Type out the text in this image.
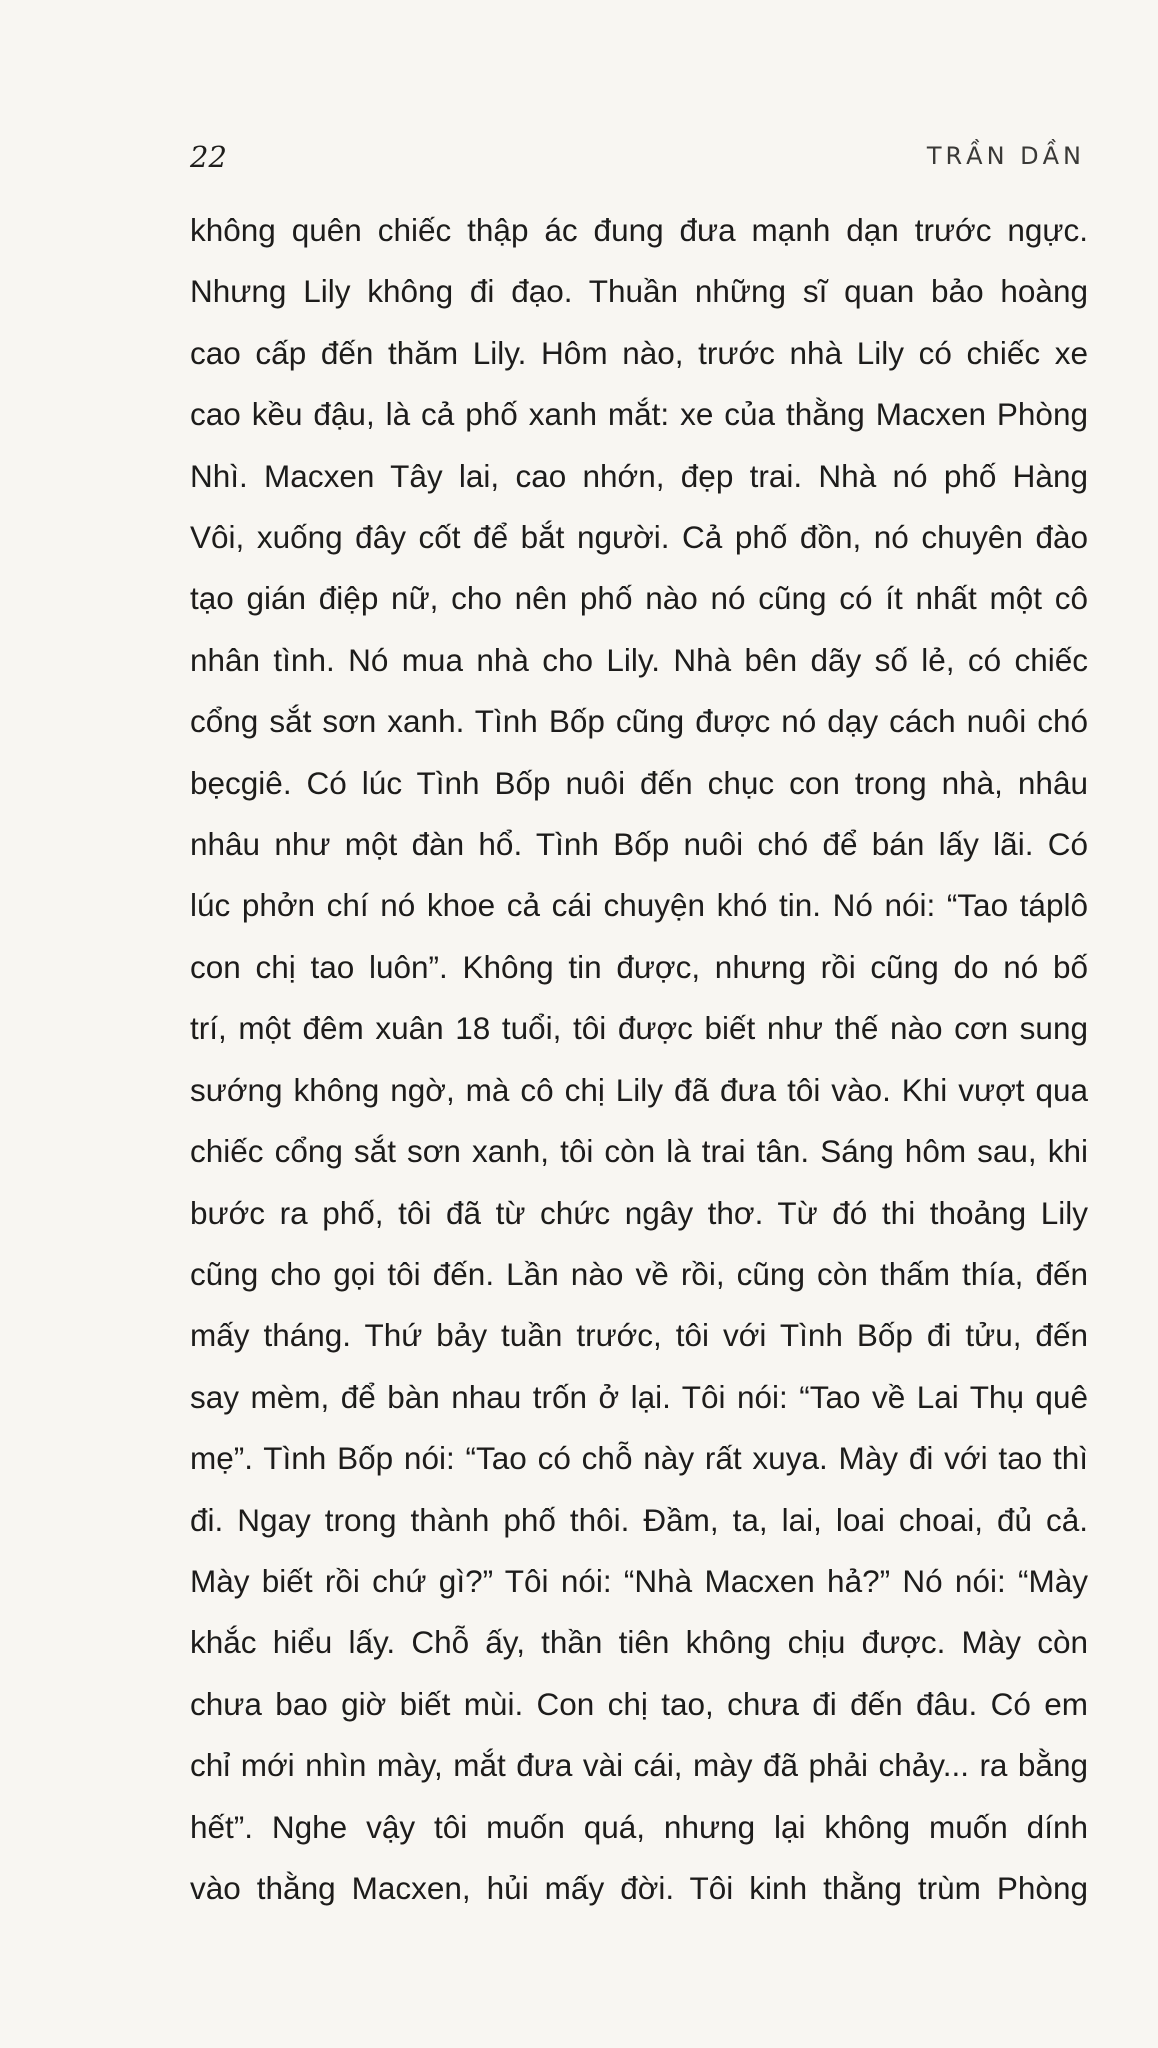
22	TRẦN DẦN
không quên chiếc thập ác đung đưa mạnh dạn trước ngực.
Nhưng Lily không đi đạo. Thuần những sĩ quan bảo hoàng
cao cấp đến thăm Lily. Hôm nào, trước nhà Lily có chiếc xe
cao kều đậu, là cả phố xanh mắt: xe của thằng Macxen Phòng
Nhì. Macxen Tây lai, cao nhớn, đẹp trai. Nhà nó phố Hàng
Vôi, xuống đây cốt để bắt người. Cả phố đồn, nó chuyên đào
tạo gián điệp nữ, cho nên phố nào nó cũng có ít nhất một cô
nhân tình. Nó mua nhà cho Lily. Nhà bên dãy số lẻ, có chiếc
cổng sắt sơn xanh. Tình Bốp cũng được nó dạy cách nuôi chó
bẹcgiê. Có lúc Tình Bốp nuôi đến chục con trong nhà, nhâu
nhâu như một đàn hổ. Tình Bốp nuôi chó để bán lấy lãi. Có
lúc phởn chí nó khoe cả cái chuyện khó tin. Nó nói: “Tao táplô
con chị tao luôn”. Không tin được, nhưng rồi cũng do nó bố
trí, một đêm xuân 18 tuổi, tôi được biết như thế nào cơn sung
sướng không ngờ, mà cô chị Lily đã đưa tôi vào. Khi vượt qua
chiếc cổng sắt sơn xanh, tôi còn là trai tân. Sáng hôm sau, khi
bước ra phố, tôi đã từ chức ngây thơ. Từ đó thi thoảng Lily
cũng cho gọi tôi đến. Lần nào về rồi, cũng còn thấm thía, đến
mấy tháng. Thứ bảy tuần trước, tôi với Tình Bốp đi tửu, đến
say mèm, để bàn nhau trốn ở lại. Tôi nói: “Tao về Lai Thụ quê
mẹ”. Tình Bốp nói: “Tao có chỗ này rất xuya. Mày đi với tao thì
đi. Ngay trong thành phố thôi. Đầm, ta, lai, loai choai, đủ cả.
Mày biết rồi chứ gì?” Tôi nói: “Nhà Macxen hả?” Nó nói: “Mày
khắc hiểu lấy. Chỗ ấy, thần tiên không chịu được. Mày còn
chưa bao giờ biết mùi. Con chị tao, chưa đi đến đâu. Có em
chỉ mới nhìn mày, mắt đưa vài cái, mày đã phải chảy... ra bằng
hết”. Nghe vậy tôi muốn quá, nhưng lại không muốn dính
vào thằng Macxen, hủi mấy đời. Tôi kinh thằng trùm Phòng
